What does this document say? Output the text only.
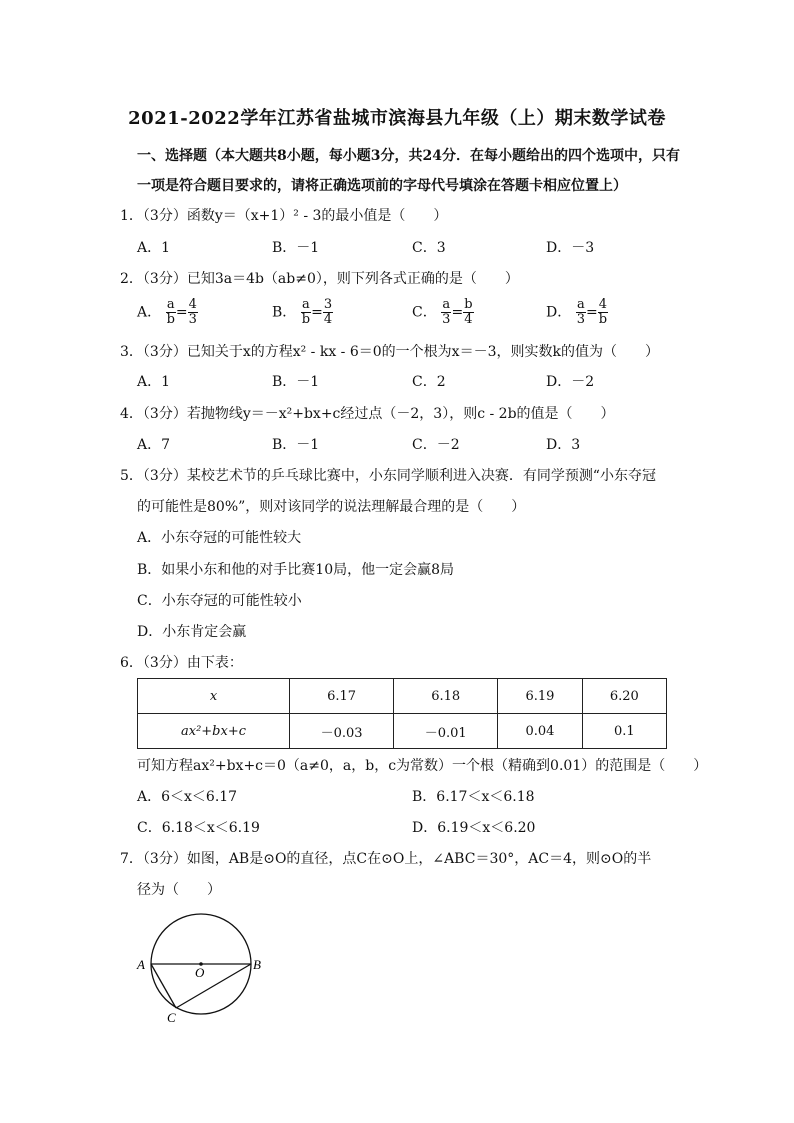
2021-2022学年江苏省盐城市滨海县九年级（上）期末数学试卷
一、选择题（本大题共8小题，每小题3分，共24分．在每小题给出的四个选项中，只有
一项是符合题目要求的，请将正确选项前的字母代号填涂在答题卡相应位置上）
1．（3分）函数y＝（x+1）² - 3的最小值是（　　）
A．1	B．－1	C．3	D．－3
2．（3分）已知3a＝4b（ab≠0），则下列各式正确的是（　　）
A． $\frac{a}{b} = \frac{4}{3}$	B． $\frac{a}{b} = \frac{3}{4}$	C． $\frac{a}{3} = \frac{b}{4}$	D． $\frac{a}{3} = \frac{4}{b}$
3．（3分）已知关于x的方程x² - kx - 6＝0的一个根为x＝－3，则实数k的值为（　　）
A．1	B．－1	C．2	D．－2
4．（3分）若抛物线y＝－x²+bx+c经过点（－2，3），则c - 2b的值是（　　）
A．7	B．－1	C．－2	D．3
5．（3分）某校艺术节的乒乓球比赛中，小东同学顺利进入决赛．有同学预测“小东夺冠
的可能性是80%”，则对该同学的说法理解最合理的是（　　）
A．小东夺冠的可能性较大
B．如果小东和他的对手比赛10局，他一定会赢8局
C．小东夺冠的可能性较小
D．小东肯定会赢
6．（3分）由下表：
x	6.17	6.18	6.19	6.20
ax²+bx+c	－0.03	－0.01	0.04	0.1
可知方程ax²+bx+c＝0（a≠0，a，b，c为常数）一个根（精确到0.01）的范围是（　　）
A．6＜x＜6.17	B．6.17＜x＜6.18
C．6.18＜x＜6.19	D．6.19＜x＜6.20
7．（3分）如图，AB是⊙O的直径，点C在⊙O上，∠ABC＝30°，AC＝4，则⊙O的半
径为（　　）
A	B
O
C
